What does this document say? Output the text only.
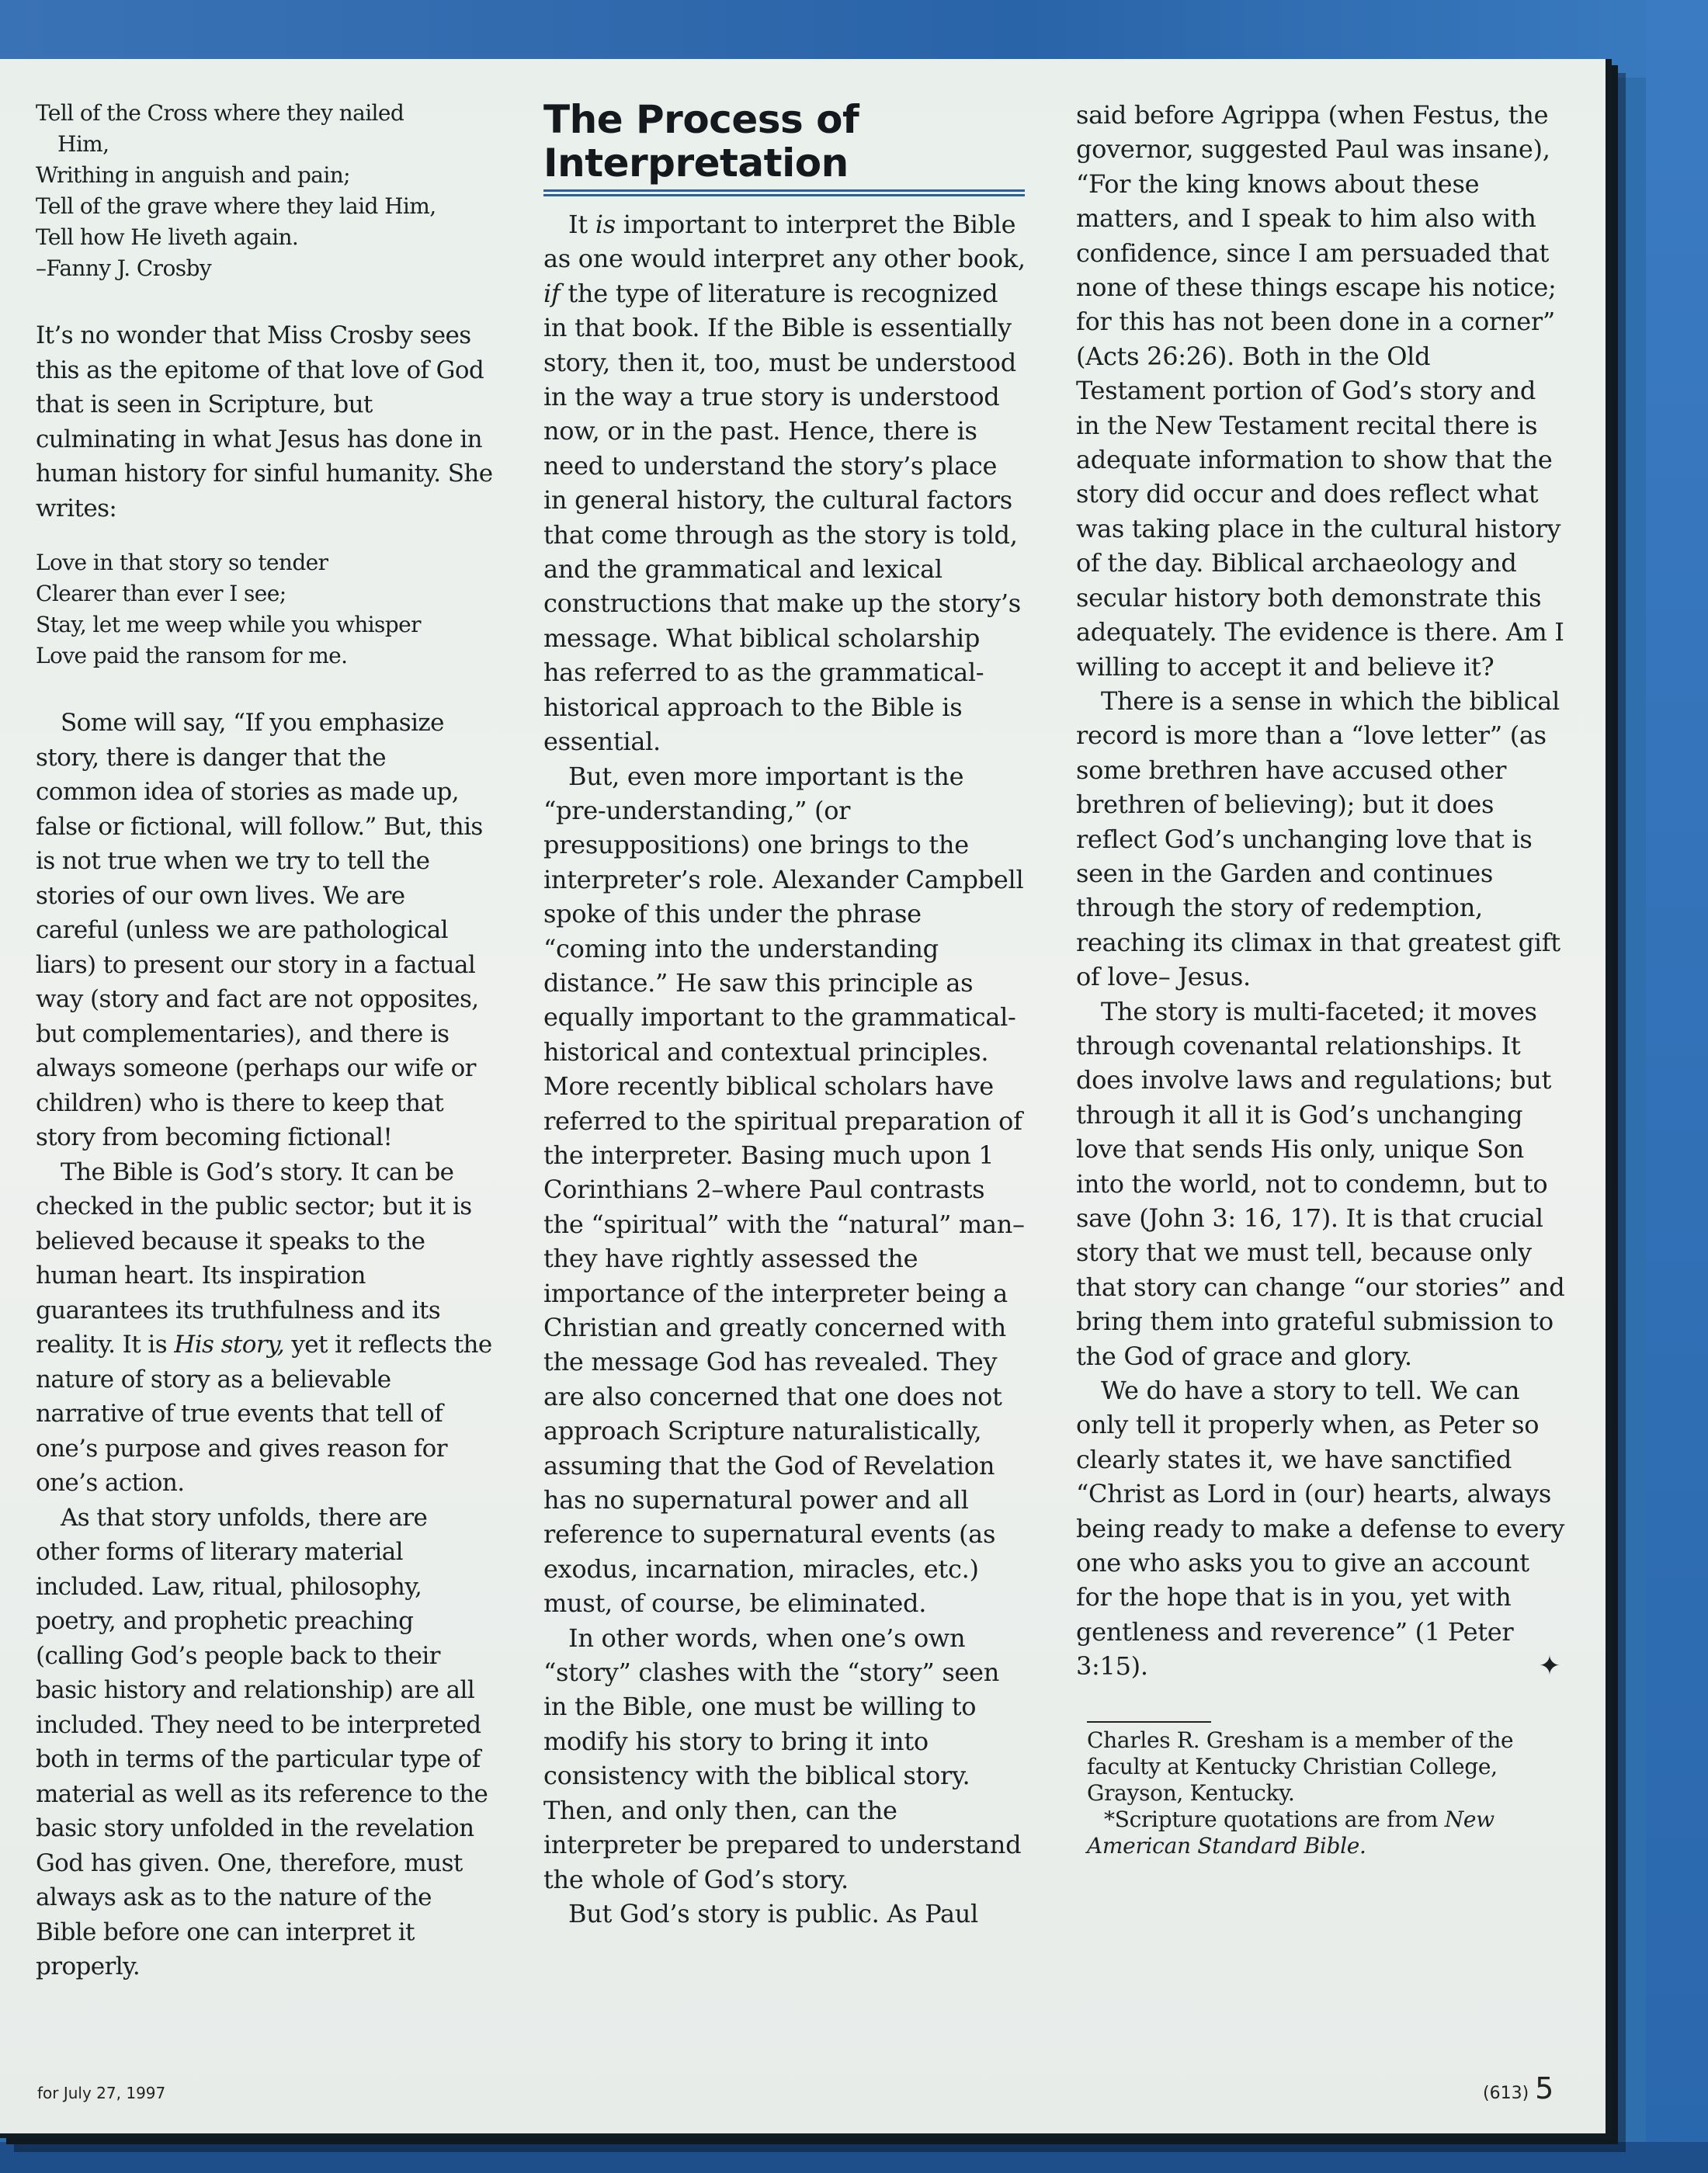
Tell of the Cross where they nailed
Him,
Writhing in anguish and pain;
Tell of the grave where they laid Him,
Tell how He liveth again.
–Fanny J. Crosby

It’s no wonder that Miss Crosby sees this as the epitome of that love of God that is seen in Scripture, but culminating in what Jesus has done in human history for sinful humanity. She writes:

Love in that story so tender
Clearer than ever I see;
Stay, let me weep while you whisper
Love paid the ransom for me.

Some will say, “If you emphasize story, there is danger that the common idea of stories as made up, false or fictional, will follow.” But, this is not true when we try to tell the stories of our own lives. We are careful (unless we are pathological liars) to present our story in a factual way (story and fact are not opposites, but complementaries), and there is always someone (perhaps our wife or children) who is there to keep that story from becoming fictional!

The Bible is God’s story. It can be checked in the public sector; but it is believed because it speaks to the human heart. Its inspiration guarantees its truthfulness and its reality. It is His story, yet it reflects the nature of story as a believable narrative of true events that tell of one’s purpose and gives reason for one’s action.

As that story unfolds, there are other forms of literary material included. Law, ritual, philosophy, poetry, and prophetic preaching (calling God’s people back to their basic history and relationship) are all included. They need to be interpreted both in terms of the particular type of material as well as its reference to the basic story unfolded in the revelation God has given. One, therefore, must always ask as to the nature of the Bible before one can interpret it properly.

The Process of
Interpretation

It is important to interpret the Bible as one would interpret any other book, if the type of literature is recognized in that book. If the Bible is essentially story, then it, too, must be understood in the way a true story is understood now, or in the past. Hence, there is need to understand the story’s place in general history, the cultural factors that come through as the story is told, and the grammatical and lexical constructions that make up the story’s message. What biblical scholarship has referred to as the grammatical-historical approach to the Bible is essential.

But, even more important is the “pre-understanding,” (or presuppositions) one brings to the interpreter’s role. Alexander Campbell spoke of this under the phrase “coming into the understanding distance.” He saw this principle as equally important to the grammatical-historical and contextual principles. More recently biblical scholars have referred to the spiritual preparation of the interpreter. Basing much upon 1 Corinthians 2–where Paul contrasts the “spiritual” with the “natural” man–they have rightly assessed the importance of the interpreter being a Christian and greatly concerned with the message God has revealed. They are also concerned that one does not approach Scripture naturalistically, assuming that the God of Revelation has no supernatural power and all reference to supernatural events (as exodus, incarnation, miracles, etc.) must, of course, be eliminated.

In other words, when one’s own “story” clashes with the “story” seen in the Bible, one must be willing to modify his story to bring it into consistency with the biblical story. Then, and only then, can the interpreter be prepared to understand the whole of God’s story.

But God’s story is public. As Paul

said before Agrippa (when Festus, the governor, suggested Paul was insane), “For the king knows about these matters, and I speak to him also with confidence, since I am persuaded that none of these things escape his notice; for this has not been done in a corner” (Acts 26:26). Both in the Old Testament portion of God’s story and in the New Testament recital there is adequate information to show that the story did occur and does reflect what was taking place in the cultural history of the day. Biblical archaeology and secular history both demonstrate this adequately. The evidence is there. Am I willing to accept it and believe it?

There is a sense in which the biblical record is more than a “love letter” (as some brethren have accused other brethren of believing); but it does reflect God’s unchanging love that is seen in the Garden and continues through the story of redemption, reaching its climax in that greatest gift of love– Jesus.

The story is multi-faceted; it moves through covenantal relationships. It does involve laws and regulations; but through it all it is God’s unchanging love that sends His only, unique Son into the world, not to condemn, but to save (John 3: 16, 17). It is that crucial story that we must tell, because only that story can change “our stories” and bring them into grateful submission to the God of grace and glory.

We do have a story to tell. We can only tell it properly when, as Peter so clearly states it, we have sanctified “Christ as Lord in (our) hearts, always being ready to make a defense to every one who asks you to give an account for the hope that is in you, yet with gentleness and reverence” (1 Peter 3:15).	✦

Charles R. Gresham is a member of the faculty at Kentucky Christian College, Grayson, Kentucky.
*Scripture quotations are from New American Standard Bible.
for July 27, 1997	(613) 5
